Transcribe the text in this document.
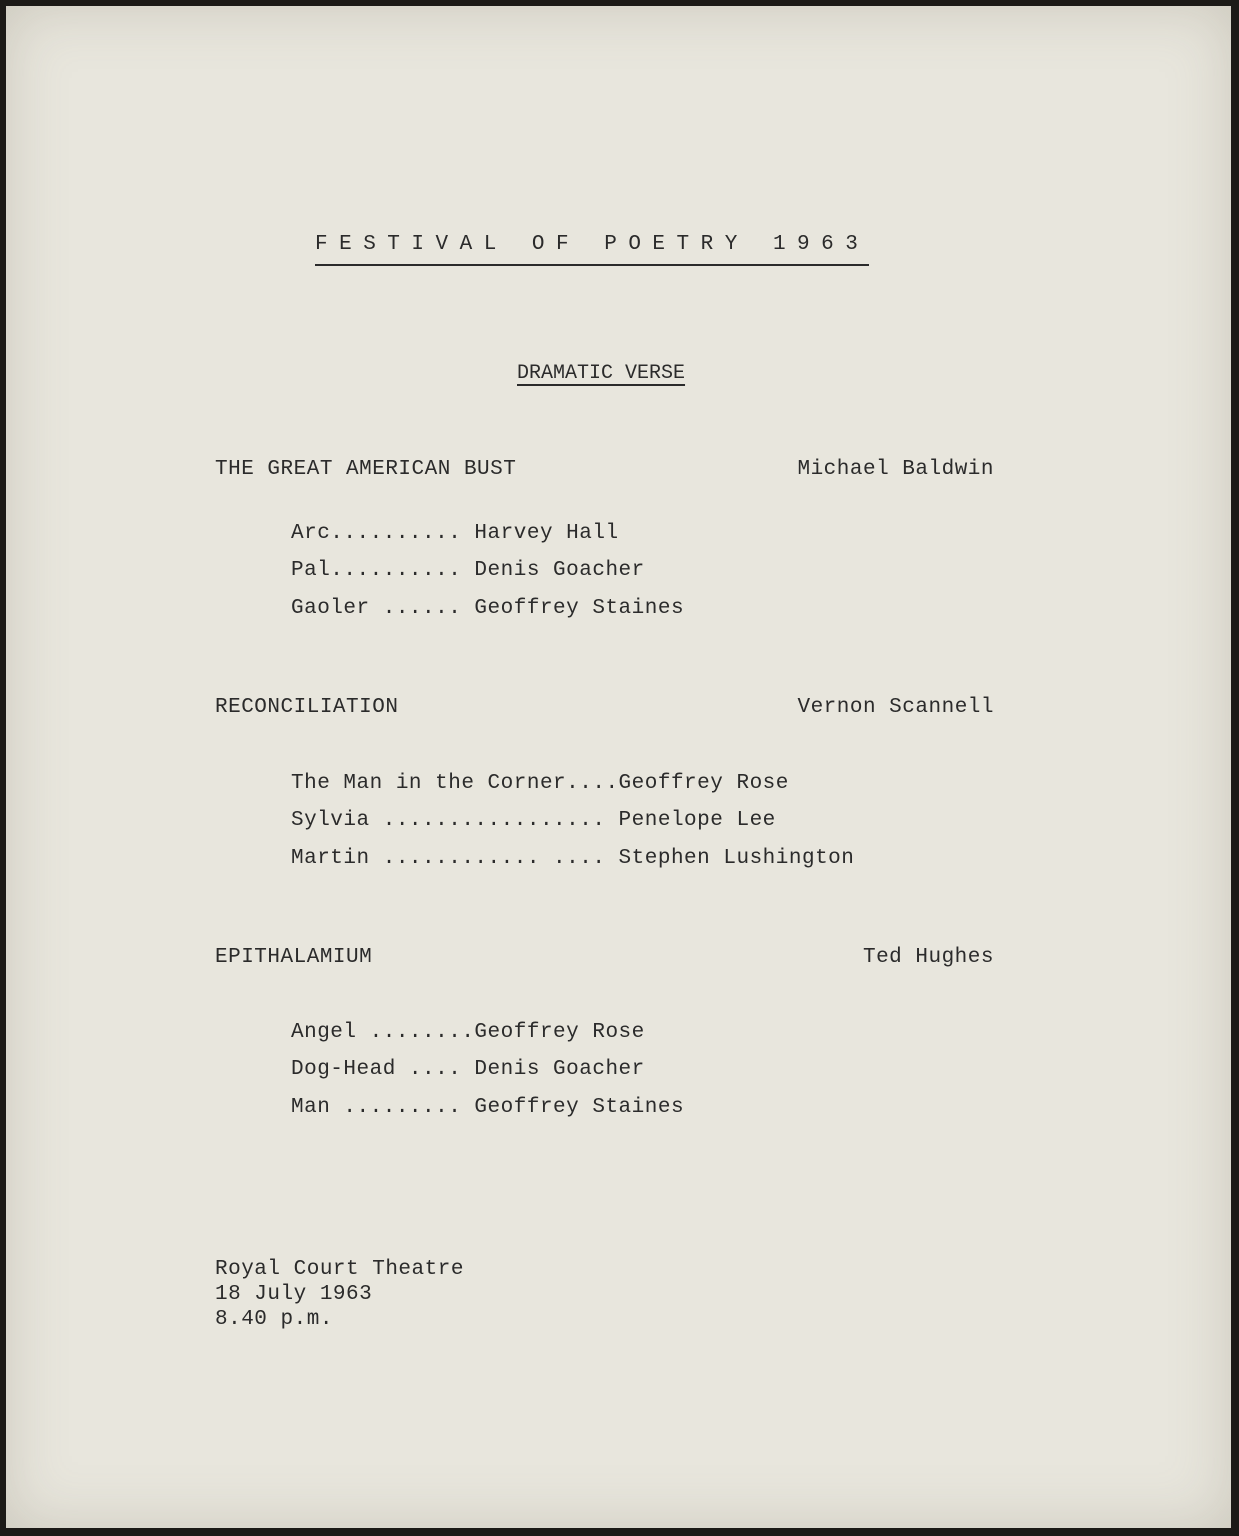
FESTIVAL OF POETRY 1963
DRAMATIC VERSE
THE GREAT AMERICAN BUST	Michael Baldwin
Arc.......... Harvey Hall
Pal.......... Denis Goacher
Gaoler ...... Geoffrey Staines
RECONCILIATION	Vernon Scannell
The Man in the Corner....Geoffrey Rose
Sylvia ................. Penelope Lee
Martin ............ .... Stephen Lushington
EPITHALAMIUM	Ted Hughes
Angel ........Geoffrey Rose
Dog-Head .... Denis Goacher
Man ......... Geoffrey Staines
Royal Court Theatre
18 July 1963
8.40 p.m.
